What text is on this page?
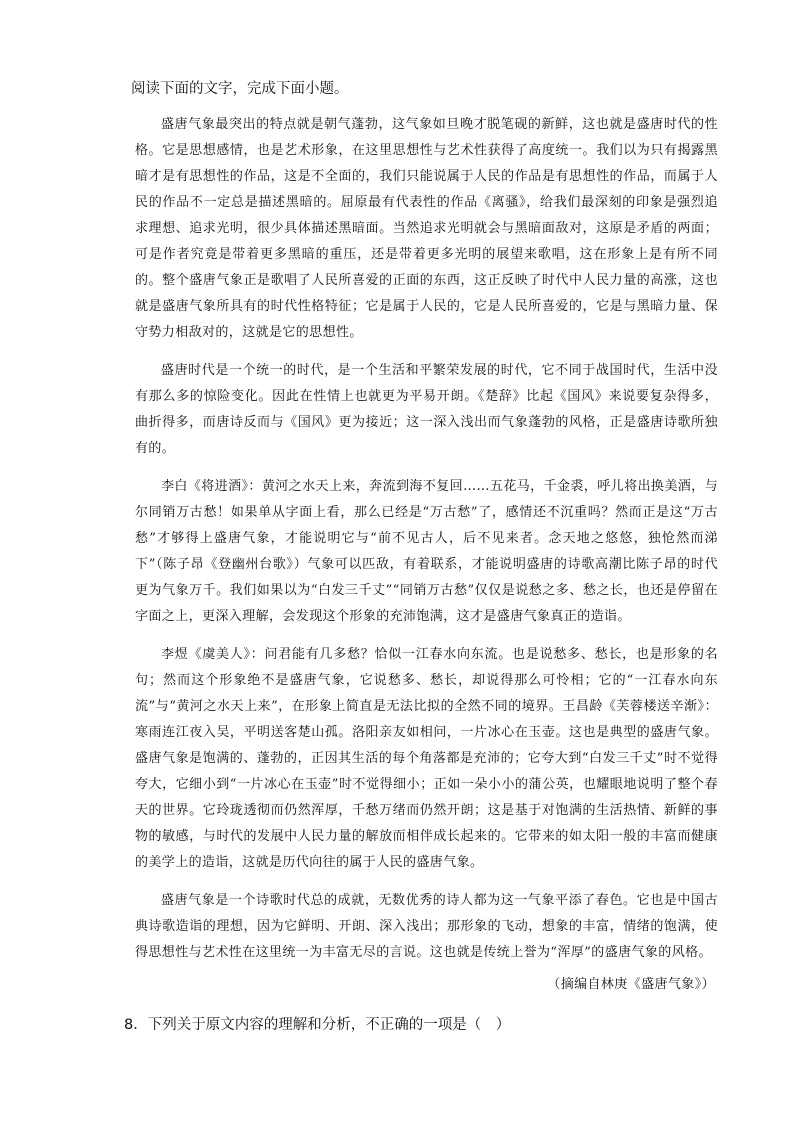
阅读下面的文字，完成下面小题。

盛唐气象最突出的特点就是朝气蓬勃，这气象如旦晚才脱笔砚的新鲜，这也就是盛唐时代的性格。它是思想感情，也是艺术形象，在这里思想性与艺术性获得了高度统一。我们以为只有揭露黑暗才是有思想性的作品，这是不全面的，我们只能说属于人民的作品是有思想性的作品，而属于人民的作品不一定总是描述黑暗的。屈原最有代表性的作品《离骚》，给我们最深刻的印象是强烈追求理想、追求光明，很少具体描述黑暗面。当然追求光明就会与黑暗面敌对，这原是矛盾的两面；可是作者究竟是带着更多黑暗的重压，还是带着更多光明的展望来歌唱，这在形象上是有所不同的。整个盛唐气象正是歌唱了人民所喜爱的正面的东西，这正反映了时代中人民力量的高涨，这也就是盛唐气象所具有的时代性格特征；它是属于人民的，它是人民所喜爱的，它是与黑暗力量、保守势力相敌对的，这就是它的思想性。

盛唐时代是一个统一的时代，是一个生活和平繁荣发展的时代，它不同于战国时代，生活中没有那么多的惊险变化。因此在性情上也就更为平易开朗。《楚辞》比起《国风》来说要复杂得多，曲折得多，而唐诗反而与《国风》更为接近；这一深入浅出而气象蓬勃的风格，正是盛唐诗歌所独有的。

李白《将进酒》：黄河之水天上来，奔流到海不复回……五花马，千金裘，呼儿将出换美酒，与尔同销万古愁！如果单从字面上看，那么已经是“万古愁”了，感情还不沉重吗？然而正是这“万古愁”才够得上盛唐气象，才能说明它与“前不见古人，后不见来者。念天地之悠悠，独怆然而涕下”（陈子昂《登幽州台歌》）气象可以匹敌，有着联系，才能说明盛唐的诗歌高潮比陈子昂的时代更为气象万千。我们如果以为“白发三千丈”“同销万古愁”仅仅是说愁之多、愁之长，也还是停留在字面之上，更深入理解，会发现这个形象的充沛饱满，这才是盛唐气象真正的造诣。

李煜《虞美人》：问君能有几多愁？恰似一江春水向东流。也是说愁多、愁长，也是形象的名句；然而这个形象绝不是盛唐气象，它说愁多、愁长，却说得那么可怜相；它的“一江春水向东流”与“黄河之水天上来”，在形象上简直是无法比拟的全然不同的境界。王昌龄《芙蓉楼送辛渐》：寒雨连江夜入吴，平明送客楚山孤。洛阳亲友如相问，一片冰心在玉壶。这也是典型的盛唐气象。盛唐气象是饱满的、蓬勃的，正因其生活的每个角落都是充沛的；它夸大到“白发三千丈”时不觉得夸大，它细小到“一片冰心在玉壶”时不觉得细小；正如一朵小小的蒲公英，也耀眼地说明了整个春天的世界。它玲珑透彻而仍然浑厚，千愁万绪而仍然开朗；这是基于对饱满的生活热情、新鲜的事物的敏感，与时代的发展中人民力量的解放而相伴成长起来的。它带来的如太阳一般的丰富而健康的美学上的造诣，这就是历代向往的属于人民的盛唐气象。

盛唐气象是一个诗歌时代总的成就，无数优秀的诗人都为这一气象平添了春色。它也是中国古典诗歌造诣的理想，因为它鲜明、开朗、深入浅出；那形象的飞动，想象的丰富，情绪的饱满，使得思想性与艺术性在这里统一为丰富无尽的言说。这也就是传统上誉为“浑厚”的盛唐气象的风格。

（摘编自林庚《盛唐气象》）
8．下列关于原文内容的理解和分析，不正确的一项是（　）
